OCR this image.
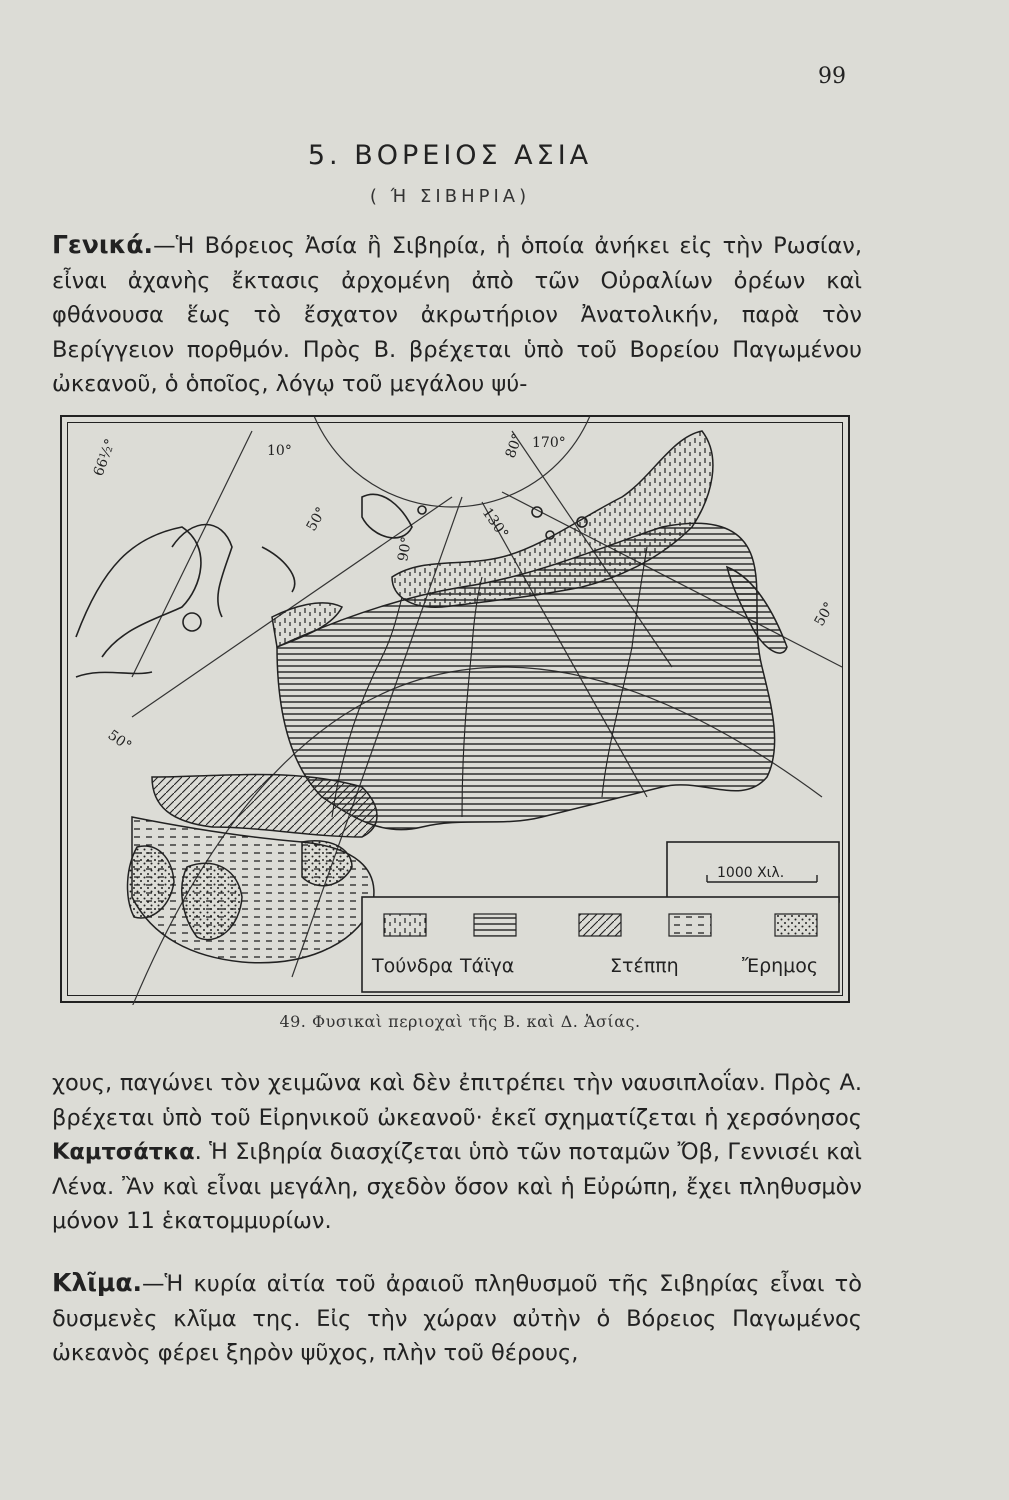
99
5. ΒΟΡΕΙΟΣ ΑΣΙΑ
( Ή ΣΙΒΗΡΙΑ)
Γενικά.—Ἡ Βόρειος Ἀσία ἢ Σιβηρία, ἡ ὁποία ἀνήκει εἰς τὴν Ρωσίαν, εἶναι ἀχανὴς ἔκτασις ἀρχομένη ἀπὸ τῶν Οὐραλίων ὀρέων καὶ φθάνουσα ἕως τὸ ἔσχατον ἀκρωτήριον Ἀνατολικήν, παρὰ τὸν Βερίγγειον πορθμόν. Πρὸς Β. βρέχεται ὑπὸ τοῦ Βορείου Παγωμένου ὠκεανοῦ, ὁ ὁποῖος, λόγῳ τοῦ μεγάλου ψύ-
66½°	10°
50°
80° 170°
130°
90°
50°
50°
1000 Χιλ.
Τούνδρα Τάϊγα	Στέππη	Ἔρημος
49. Φυσικαὶ περιοχαὶ τῆς Β. καὶ Δ. Ἀσίας.
χους, παγώνει τὸν χειμῶνα καὶ δὲν ἐπιτρέπει τὴν ναυσιπλοΐαν. Πρὸς Α. βρέχεται ὑπὸ τοῦ Εἰρηνικοῦ ὠκεανοῦ· ἐκεῖ σχηματίζεται ἡ χερσόνησος Καμτσάτκα. Ἡ Σιβηρία διασχίζεται ὑπὸ τῶν ποταμῶν Ὄβ, Γεννισέι καὶ Λένα. Ἂν καὶ εἶναι μεγάλη, σχεδὸν ὅσον καὶ ἡ Εὐρώπη, ἔχει πληθυσμὸν μόνον 11 ἑκατομμυρίων.
Κλῖμα.—Ἡ κυρία αἰτία τοῦ ἀραιοῦ πληθυσμοῦ τῆς Σιβηρίας εἶναι τὸ δυσμενὲς κλῖμα της. Εἰς τὴν χώραν αὐτὴν ὁ Βόρειος Παγωμένος ὠκεανὸς φέρει ξηρὸν ψῦχος, πλὴν τοῦ θέρους,
